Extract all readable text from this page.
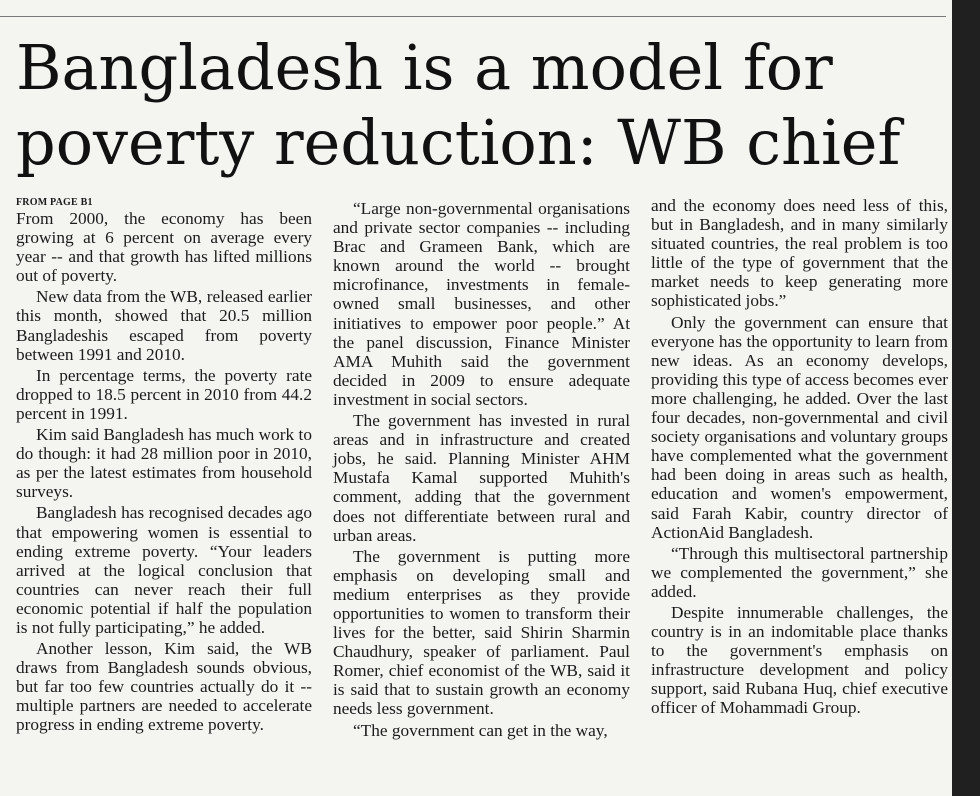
Bangladesh is a model for
poverty reduction: WB chief
FROM PAGE B1

From 2000, the economy has been growing at 6 percent on average every year -- and that growth has lifted millions out of poverty.

New data from the WB, released earlier this month, showed that 20.5 million Bangladeshis escaped from poverty between 1991 and 2010.

In percentage terms, the poverty rate dropped to 18.5 percent in 2010 from 44.2 percent in 1991.

Kim said Bangladesh has much work to do though: it had 28 million poor in 2010, as per the latest estimates from household surveys.

Bangladesh has recognised decades ago that empowering women is essential to ending extreme poverty. “Your leaders arrived at the logical conclusion that countries can never reach their full economic potential if half the population is not fully participating,” he added.

Another lesson, Kim said, the WB draws from Bangladesh sounds obvious, but far too few countries actually do it -- multiple partners are needed to accelerate progress in ending extreme poverty.

“Large non-governmental organisations and private sector companies -- including Brac and Grameen Bank, which are known around the world -- brought microfinance, investments in female-owned small businesses, and other initiatives to empower poor people.” At the panel discussion, Finance Minister AMA Muhith said the government decided in 2009 to ensure adequate investment in social sectors.

The government has invested in rural areas and in infrastructure and created jobs, he said. Planning Minister AHM Mustafa Kamal supported Muhith's comment, adding that the government does not differentiate between rural and urban areas.

The government is putting more emphasis on developing small and medium enterprises as they provide opportunities to women to transform their lives for the better, said Shirin Sharmin Chaudhury, speaker of parliament. Paul Romer, chief economist of the WB, said it is said that to sustain growth an economy needs less government.

“The government can get in the way,

and the economy does need less of this, but in Bangladesh, and in many similarly situated countries, the real problem is too little of the type of government that the market needs to keep generating more sophisticated jobs.”

Only the government can ensure that everyone has the opportunity to learn from new ideas. As an economy develops, providing this type of access becomes ever more challenging, he added. Over the last four decades, non-governmental and civil society organisations and voluntary groups have complemented what the government had been doing in areas such as health, education and women's empowerment, said Farah Kabir, country director of ActionAid Bangladesh.

“Through this multisectoral partnership we complemented the government,” she added.

Despite innumerable challenges, the country is in an indomitable place thanks to the government's emphasis on infrastructure development and policy support, said Rubana Huq, chief executive officer of Mohammadi Group.
